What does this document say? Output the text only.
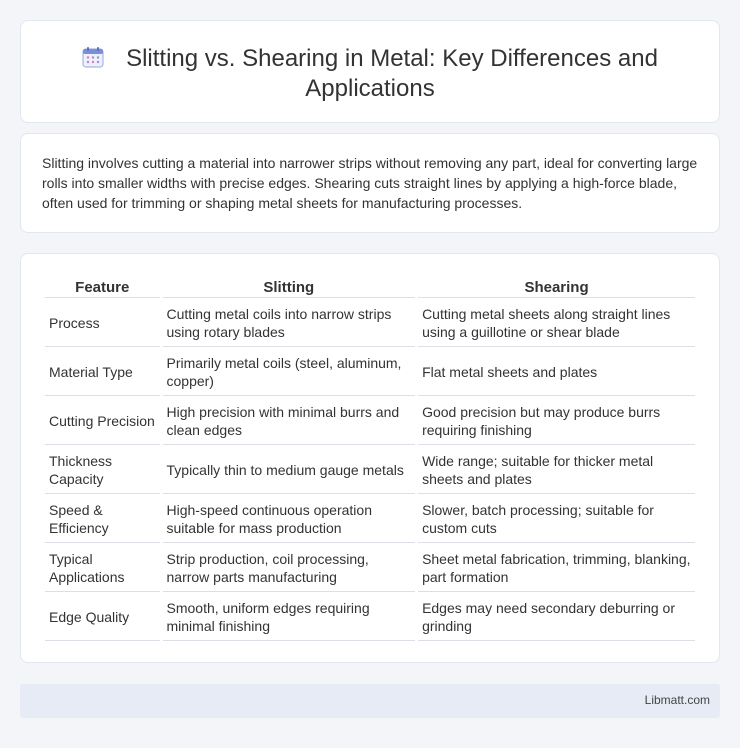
Slitting vs. Shearing in Metal: Key Differences and
Applications

Slitting involves cutting a material into narrower strips without removing any part, ideal for converting large rolls into smaller widths with precise edges. Shearing cuts straight lines by applying a high-force blade, often used for trimming or shaping metal sheets for manufacturing processes.

Feature	Slitting	Shearing
Process	Cutting metal coils into narrow strips using rotary blades	Cutting metal sheets along straight lines using a guillotine or shear blade
Material Type	Primarily metal coils (steel, aluminum, copper)	Flat metal sheets and plates
Cutting Precision	High precision with minimal burrs and clean edges	Good precision but may produce burrs requiring finishing
Thickness Capacity	Typically thin to medium gauge metals	Wide range; suitable for thicker metal sheets and plates
Speed & Efficiency	High-speed continuous operation suitable for mass production	Slower, batch processing; suitable for custom cuts
Typical Applications	Strip production, coil processing, narrow parts manufacturing	Sheet metal fabrication, trimming, blanking, part formation
Edge Quality	Smooth, uniform edges requiring minimal finishing	Edges may need secondary deburring or grinding
Libmatt.com
